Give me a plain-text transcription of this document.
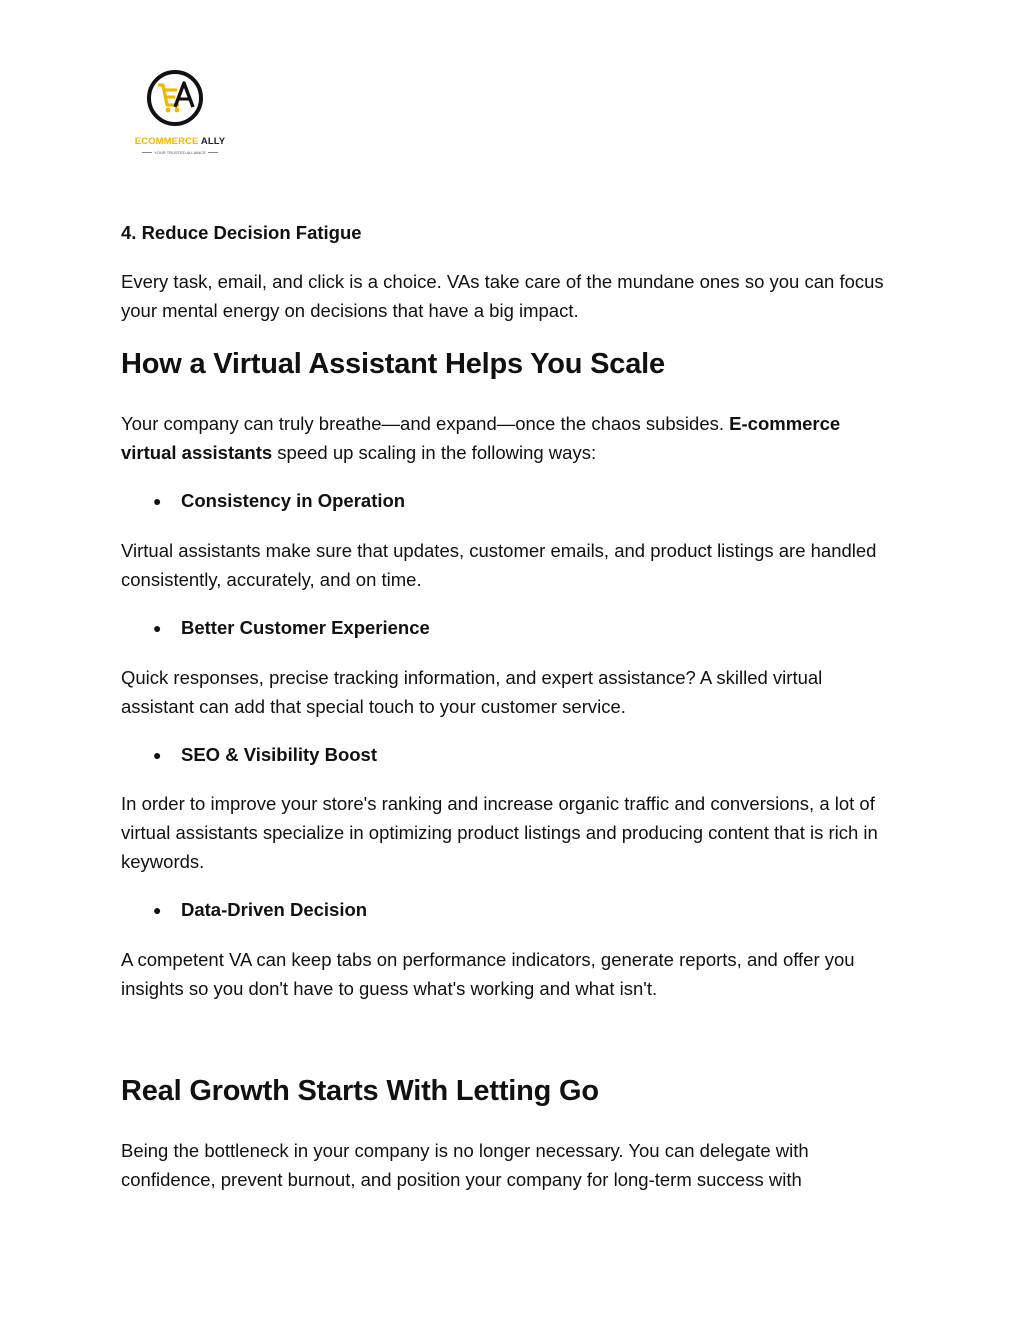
ECOMMERCE ALLY
YOUR TRUSTED ALLIANCE
4. Reduce Decision Fatigue

Every task, email, and click is a choice. VAs take care of the mundane ones so you can focus your mental energy on decisions that have a big impact.

How a Virtual Assistant Helps You Scale

Your company can truly breathe—and expand—once the chaos subsides. E-commerce virtual assistants speed up scaling in the following ways:

● Consistency in Operation

Virtual assistants make sure that updates, customer emails, and product listings are handled consistently, accurately, and on time.

● Better Customer Experience

Quick responses, precise tracking information, and expert assistance? A skilled virtual assistant can add that special touch to your customer service.

● SEO & Visibility Boost

In order to improve your store's ranking and increase organic traffic and conversions, a lot of virtual assistants specialize in optimizing product listings and producing content that is rich in keywords.

● Data-Driven Decision

A competent VA can keep tabs on performance indicators, generate reports, and offer you insights so you don't have to guess what's working and what isn't.

Real Growth Starts With Letting Go

Being the bottleneck in your company is no longer necessary. You can delegate with confidence, prevent burnout, and position your company for long-term success with
